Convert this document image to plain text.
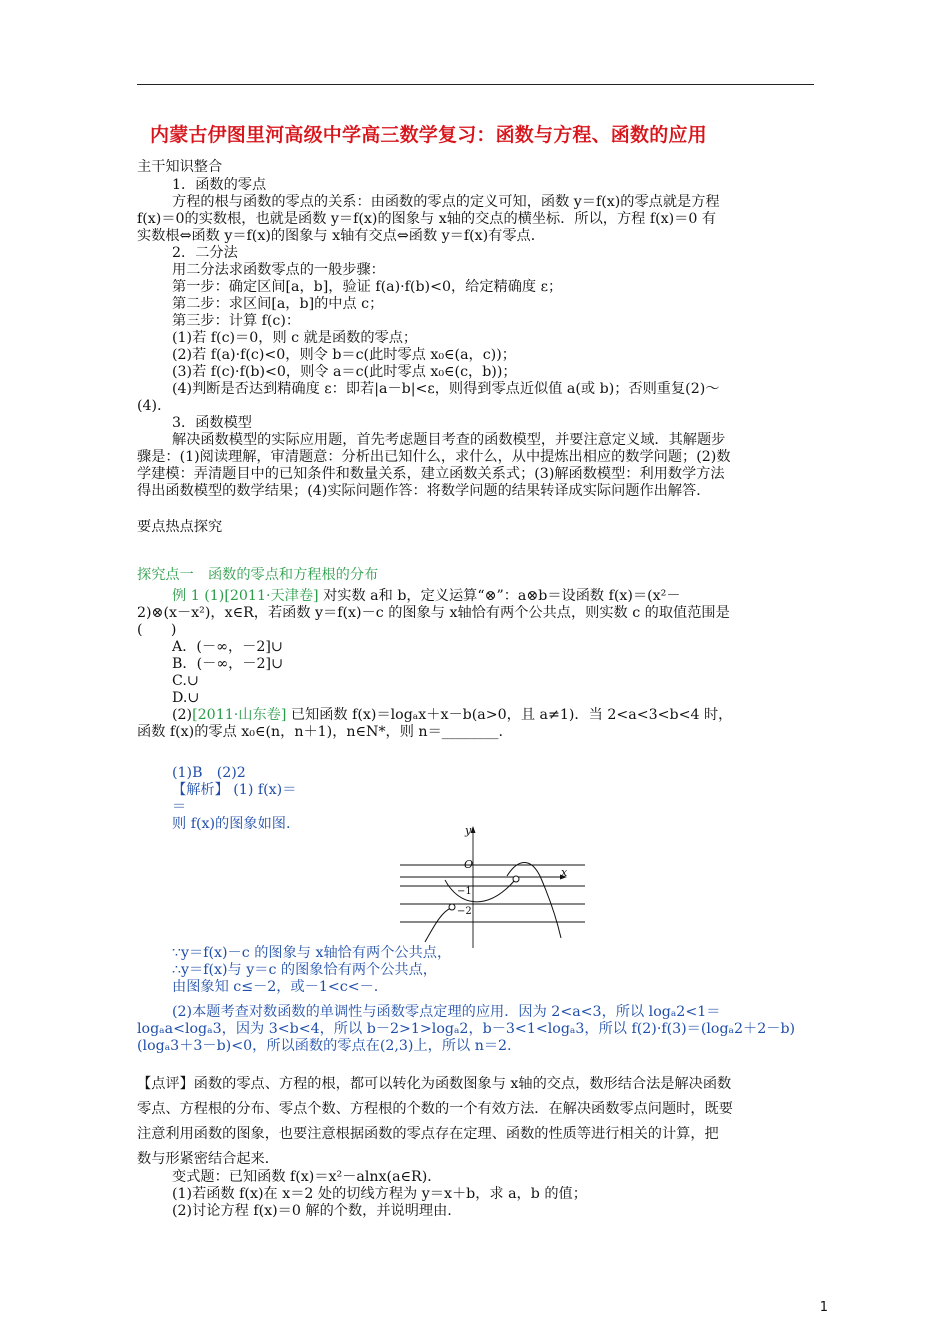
内蒙古伊图里河高级中学高三数学复习：函数与方程、函数的应用
主干知识整合
1．函数的零点
方程的根与函数的零点的关系：由函数的零点的定义可知，函数 y＝f(x)的零点就是方程
f(x)＝0的实数根，也就是函数 y＝f(x)的图象与 x轴的交点的横坐标．所以，方程 f(x)＝0 有
实数根⇔函数 y＝f(x)的图象与 x轴有交点⇔函数 y＝f(x)有零点．
2．二分法
用二分法求函数零点的一般步骤：
第一步：确定区间[a，b]，验证 f(a)·f(b)<0，给定精确度 ε；
第二步：求区间[a，b]的中点 c；
第三步：计算 f(c)：
(1)若 f(c)＝0，则 c 就是函数的零点；
(2)若 f(a)·f(c)<0，则令 b＝c(此时零点 x₀∈(a，c))；
(3)若 f(c)·f(b)<0，则令 a＝c(此时零点 x₀∈(c，b))；
(4)判断是否达到精确度 ε：即若|a－b|<ε，则得到零点近似值 a(或 b)；否则重复(2)～
(4)．
3．函数模型
解决函数模型的实际应用题，首先考虑题目考查的函数模型，并要注意定义域．其解题步
骤是：(1)阅读理解，审清题意：分析出已知什么，求什么，从中提炼出相应的数学问题；(2)数
学建模：弄清题目中的已知条件和数量关系，建立函数关系式；(3)解函数模型：利用数学方法
得出函数模型的数学结果；(4)实际问题作答：将数学问题的结果转译成实际问题作出解答．
要点热点探究
探究点一　函数的零点和方程根的分布
例 1 (1)[2011·天津卷] 对实数 a和 b，定义运算“⊗”：a⊗b＝设函数 f(x)＝(x²－
2)⊗(x－x²)，x∈R，若函数 y＝f(x)－c 的图象与 x轴恰有两个公共点，则实数 c 的取值范围是
(　　)
A．(－∞，－2]∪
B．(－∞，－2]∪
C.∪
D.∪
(2)[2011·山东卷] 已知函数 f(x)＝logₐx＋x－b(a>0，且 a≠1)．当 2<a<3<b<4 时，
函数 f(x)的零点 x₀∈(n，n＋1)，n∈N*，则 n＝________.
(1)B　(2)2
【解析】 (1) f(x)＝
＝
则 f(x)的图象如图.	y
x
O
−1
−2
∵y＝f(x)－c 的图象与 x轴恰有两个公共点，
∴y＝f(x)与 y＝c 的图象恰有两个公共点，
由图象知 c≤－2，或－1<c<－.
(2)本题考查对数函数的单调性与函数零点定理的应用．因为 2<a<3，所以 logₐ2<1＝
logₐa<logₐ3，因为 3<b<4，所以 b－2>1>logₐ2，b－3<1<logₐ3，所以 f(2)·f(3)＝(logₐ2＋2－b)
(logₐ3＋3－b)<0，所以函数的零点在(2,3)上，所以 n＝2.
【点评】函数的零点、方程的根，都可以转化为函数图象与 x轴的交点，数形结合法是解决函数
零点、方程根的分布、零点个数、方程根的个数的一个有效方法．在解决函数零点问题时，既要
注意利用函数的图象，也要注意根据函数的零点存在定理、函数的性质等进行相关的计算，把
数与形紧密结合起来．
变式题：已知函数 f(x)＝x²－alnx(a∈R)．
(1)若函数 f(x)在 x＝2 处的切线方程为 y＝x＋b，求 a，b 的值；
(2)讨论方程 f(x)＝0 解的个数，并说明理由.
1
